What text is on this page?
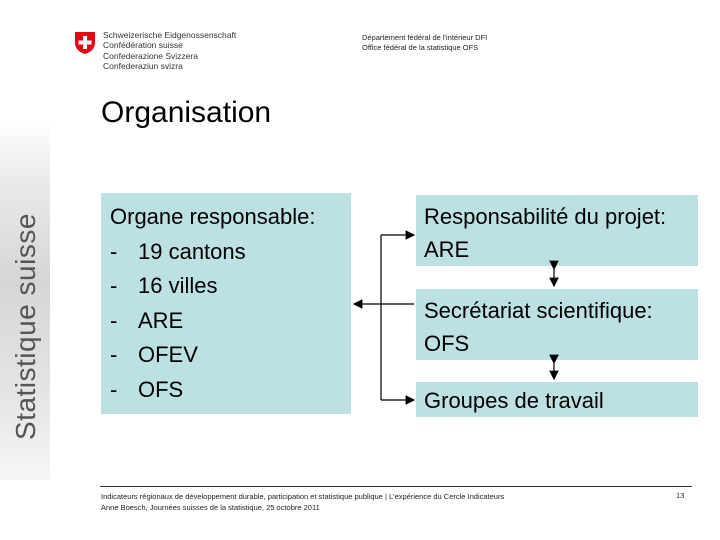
Schweizerische Eidgenossenschaft
Confédération suisse
Confederazione Svizzera
Confederaziun svizra
Département fédéral de l'intérieur DFI
Office fédéral de la statistique OFS
Statistique suisse
Organisation
Organe responsable:
- 19 cantons
- 16 villes
- ARE
- OFEV
- OFS
Responsabilité du projet:
ARE
Secrétariat scientifique:
OFS
Groupes de travail
Indicateurs régionaux de développement durable, participation et statistique publique | L'expérience du Cercle Indicateurs
Anne Boesch, Journées suisses de la statistique, 25 octobre 2011
13
